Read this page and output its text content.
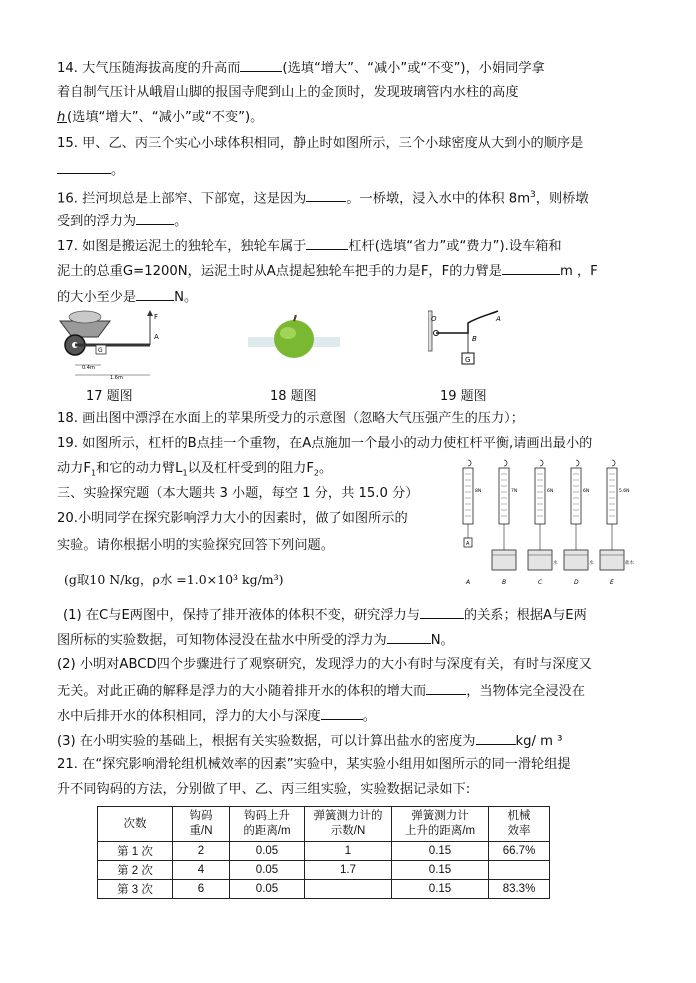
14. 大气压随海拔高度的升高而	(选填“增大”、“减小”或“不变”)，小娟同学拿
着自制气压计从峨眉山脚的报国寺爬到山上的金顶时，发现玻璃管内水柱的高度
h (选填“增大”、“减小”或“不变”)。
15. 甲、乙、丙三个实心小球体积相同，静止时如图所示，三个小球密度从大到小的顺序是
。
16. 拦河坝总是上部窄、下部宽，这是因为	。一桥墩，浸入水中的体积 $8m^3$，则桥墩
受到的浮力为	。
17. 如图是搬运泥土的独轮车，独轮车属于	杠杆(选填“省力”或“费力”).设车箱和
泥土的总重G=1200N，运泥土时从A点提起独轮车把手的力是F，F的力臂是	m ，F
的大小至少是	N。
F
A
G
0.4m
1.6m
17 题图	18 题图
O	A
B
G
19 题图
18. 画出图中漂浮在水面上的苹果所受力的示意图（忽略大气压强产生的压力）；
19. 如图所示，杠杆的B点挂一个重物，在A点施加一个最小的动力使杠杆平衡,请画出最小的
动力$F_1$和它的动力臂$L_1$以及杠杆受到的阻力$F_2$。
三、实验探究题（本大题共 3 小题，每空 1 分，共 15.0 分）
20.小明同学在探究影响浮力大小的因素时，做了如图所示的
实验。请你根据小明的实验探究回答下列问题。
(g取10 N/kg，ρ水 =1.0×10³ kg/m³)
8N
A
A
7N
B
6N
C
6N
D
5.6N
E
水	水	盐水
(1) 在C与E两图中，保持了排开液体的体积不变，研究浮力与	的关系；根据A与E两
图所标的实验数据，可知物体浸没在盐水中所受的浮力为	N。
(2) 小明对ABCD四个步骤进行了观察研究，发现浮力的大小有时与深度有关，有时与深度又
无关。对此正确的解释是浮力的大小随着排开水的体积的增大而	，当物体完全浸没在
水中后排开水的体积相同，浮力的大小与深度	。
(3) 在小明实验的基础上，根据有关实验数据，可以计算出盐水的密度为	kg/ m ³
21. 在“探究影响滑轮组机械效率的因素”实验中，某实验小组用如图所示的同一滑轮组提
升不同钩码的方法，分别做了甲、乙、丙三组实验，实验数据记录如下:
次数	钩码
重/N	钩码上升
的距离/m	弹簧测力计的
示数/N	弹簧测力计
上升的距离/m	机械
效率
第 1 次	2	0.05	1	0.15	66.7%
第 2 次	4	0.05	1.7	0.15	
第 3 次	6	0.05		0.15	83.3%
